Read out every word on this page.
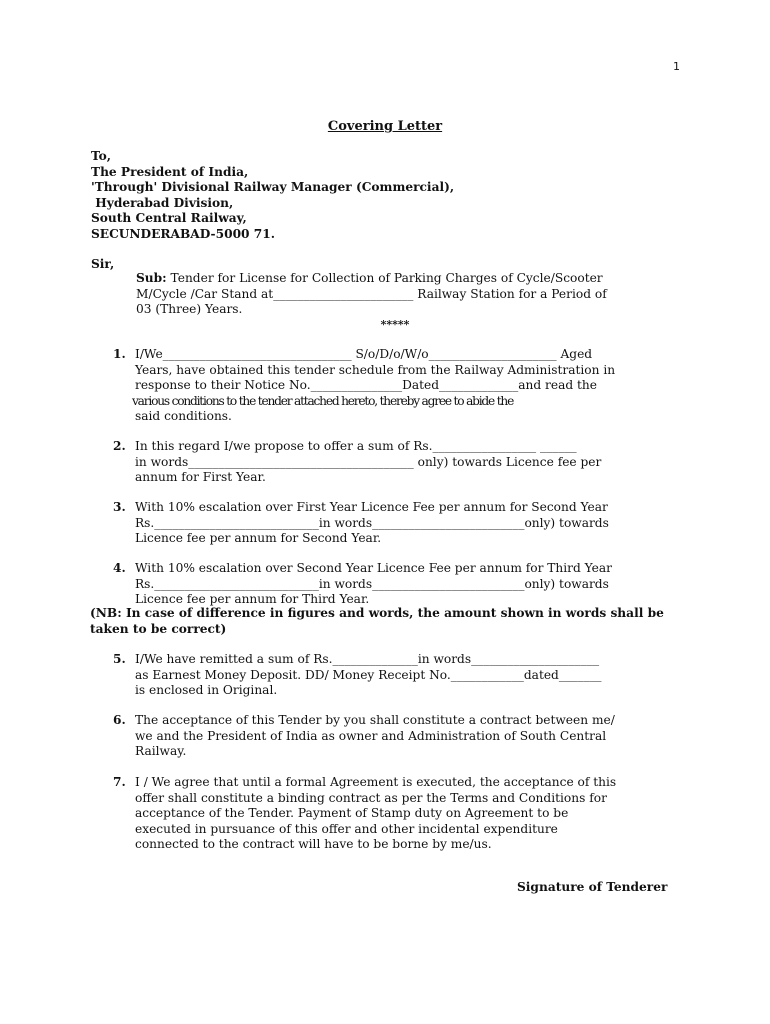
1
Covering Letter
To,
The President of India,
'Through' Divisional Railway Manager (Commercial),
Hyderabad Division,
South Central Railway,
SECUNDERABAD-5000 71.
Sir,
Sub: Tender for License for Collection of Parking Charges of Cycle/Scooter
M/Cycle /Car Stand at_______________________ Railway Station for a Period of
03 (Three) Years.
*****
1. I/We_______________________________ S/o/D/o/W/o_____________________ Aged
Years, have obtained this tender schedule from the Railway Administration in
response to their Notice No._______________Dated_____________and read the
various conditions to the tender attached hereto, thereby agree to abide the
said conditions.
2. In this regard I/we propose to offer a sum of Rs._________________ ______
in words_____________________________________ only) towards Licence fee per
annum for First Year.
3. With 10% escalation over First Year Licence Fee per annum for Second Year
Rs.___________________________in words_________________________only) towards
Licence fee per annum for Second Year.
4. With 10% escalation over Second Year Licence Fee per annum for Third Year
Rs.___________________________in words_________________________only) towards
Licence fee per annum for Third Year.
(NB: In case of difference in figures and words, the amount shown in words shall be taken to be correct)
5. I/We have remitted a sum of Rs.______________in words_____________________
as Earnest Money Deposit. DD/ Money Receipt No.____________dated_______
is enclosed in Original.
6. The acceptance of this Tender by you shall constitute a contract between me/
we and the President of India as owner and Administration of South Central
Railway.
7. I / We agree that until a formal Agreement is executed, the acceptance of this
offer shall constitute a binding contract as per the Terms and Conditions for
acceptance of the Tender. Payment of Stamp duty on Agreement to be
executed in pursuance of this offer and other incidental expenditure
connected to the contract will have to be borne by me/us.
Signature of Tenderer
